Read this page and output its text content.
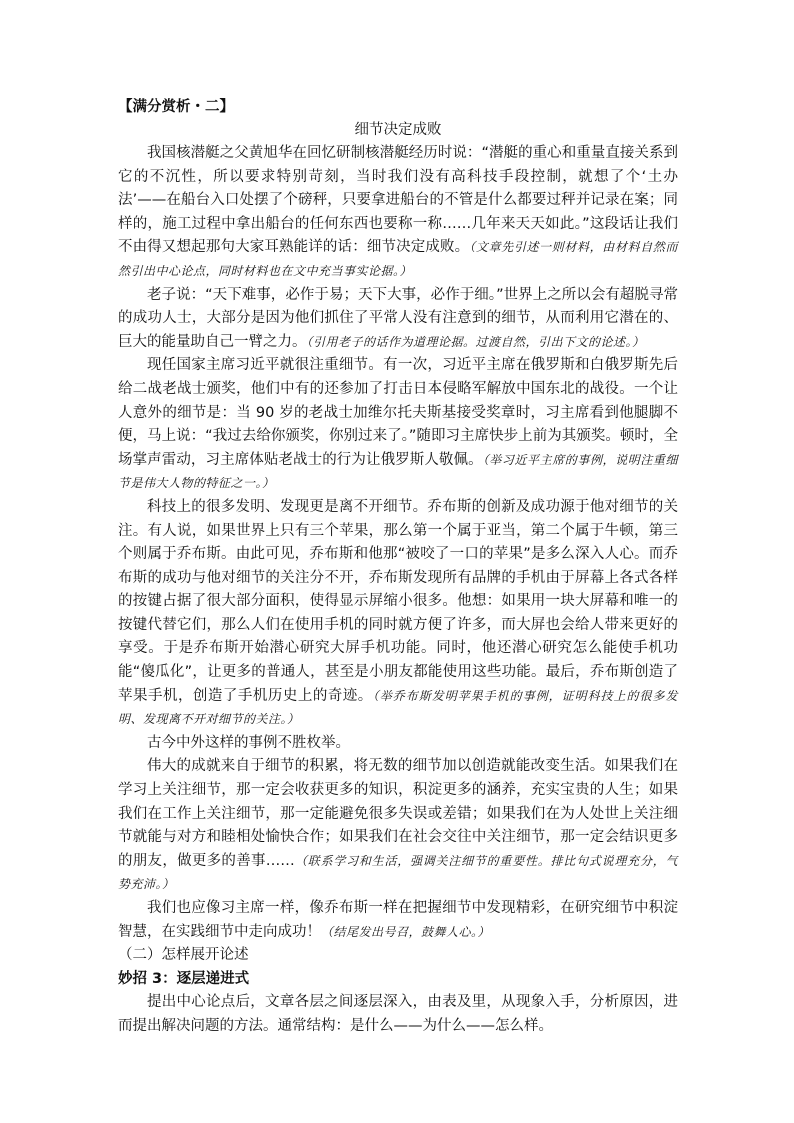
【满分赏析・二】

细节决定成败

我国核潜艇之父黄旭华在回忆研制核潜艇经历时说：“潜艇的重心和重量直接关系到它的不沉性，所以要求特别苛刻，当时我们没有高科技手段控制，就想了个‘土办法’——在船台入口处摆了个磅秤，只要拿进船台的不管是什么都要过秤并记录在案；同样的，施工过程中拿出船台的任何东西也要称一称……几年来天天如此。”这段话让我们不由得又想起那句大家耳熟能详的话：细节决定成败。（文章先引述一则材料，由材料自然而然引出中心论点，同时材料也在文中充当事实论据。）

老子说：“天下难事，必作于易；天下大事，必作于细。”世界上之所以会有超脱寻常的成功人士，大部分是因为他们抓住了平常人没有注意到的细节，从而利用它潜在的、巨大的能量助自己一臂之力。（引用老子的话作为道理论据。过渡自然，引出下文的论述。）

现任国家主席习近平就很注重细节。有一次，习近平主席在俄罗斯和白俄罗斯先后给二战老战士颁奖，他们中有的还参加了打击日本侵略军解放中国东北的战役。一个让人意外的细节是：当 90 岁的老战士加维尔托夫斯基接受奖章时，习主席看到他腿脚不便，马上说：“我过去给你颁奖，你别过来了。”随即习主席快步上前为其颁奖。顿时，全场掌声雷动，习主席体贴老战士的行为让俄罗斯人敬佩。（举习近平主席的事例，说明注重细节是伟大人物的特征之一。）

科技上的很多发明、发现更是离不开细节。乔布斯的创新及成功源于他对细节的关注。有人说，如果世界上只有三个苹果，那么第一个属于亚当，第二个属于牛顿，第三个则属于乔布斯。由此可见，乔布斯和他那“被咬了一口的苹果”是多么深入人心。而乔布斯的成功与他对细节的关注分不开，乔布斯发现所有品牌的手机由于屏幕上各式各样的按键占据了很大部分面积，使得显示屏缩小很多。他想：如果用一块大屏幕和唯一的按键代替它们，那么人们在使用手机的同时就方便了许多，而大屏也会给人带来更好的享受。于是乔布斯开始潜心研究大屏手机功能。同时，他还潜心研究怎么能使手机功能“傻瓜化”，让更多的普通人，甚至是小朋友都能使用这些功能。最后，乔布斯创造了苹果手机，创造了手机历史上的奇迹。（举乔布斯发明苹果手机的事例，证明科技上的很多发明、发现离不开对细节的关注。）

古今中外这样的事例不胜枚举。

伟大的成就来自于细节的积累，将无数的细节加以创造就能改变生活。如果我们在学习上关注细节，那一定会收获更多的知识，积淀更多的涵养，充实宝贵的人生；如果我们在工作上关注细节，那一定能避免很多失误或差错；如果我们在为人处世上关注细节就能与对方和睦相处愉快合作；如果我们在社会交往中关注细节，那一定会结识更多的朋友，做更多的善事……（联系学习和生活，强调关注细节的重要性。排比句式说理充分，气势充沛。）

我们也应像习主席一样，像乔布斯一样在把握细节中发现精彩，在研究细节中积淀智慧，在实践细节中走向成功！（结尾发出号召，鼓舞人心。）

（二）怎样展开论述

妙招 3：逐层递进式

提出中心论点后，文章各层之间逐层深入，由表及里，从现象入手，分析原因，进而提出解决问题的方法。通常结构：是什么——为什么——怎么样。
